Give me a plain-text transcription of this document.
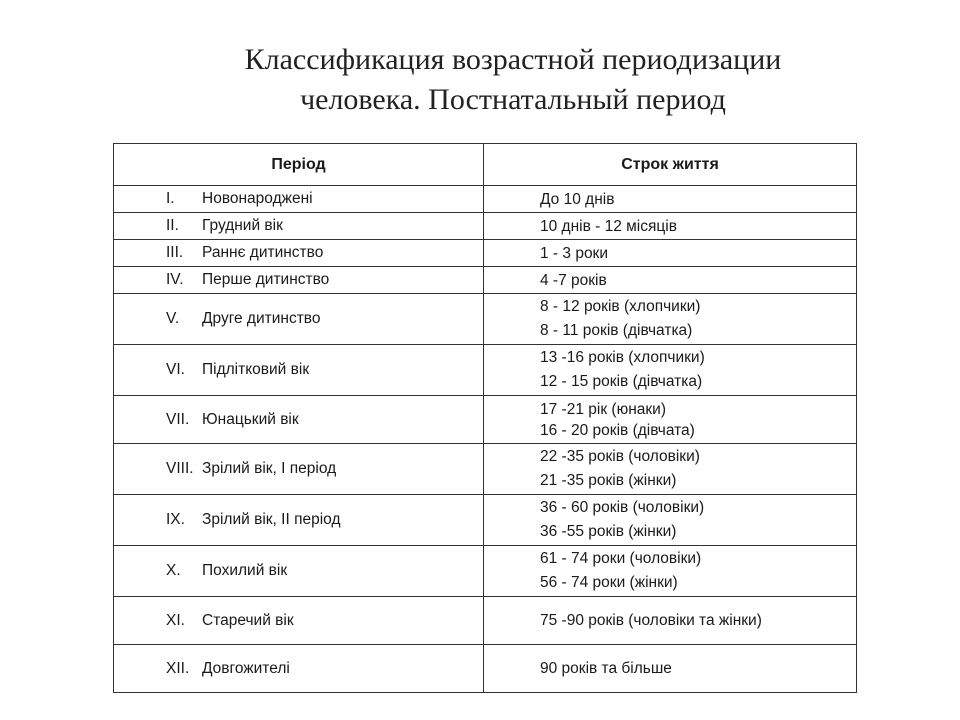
Классификация возрастной периодизации
человека. Постнатальный период
Період	Строк життя

I. Новонароджені	До 10 днів

II. Грудний вік	10 днів - 12 місяців

III. Раннє дитинство	1 - 3 роки

IV. Перше дитинство	4 -7 років

V. Друге дитинство	8 - 12 років (хлопчики)
8 - 11 років (дівчатка)

VI. Підлітковий вік	13 -16 років (хлопчики)
12 - 15 років (дівчатка)

VII. Юнацький вік	17 -21 рік (юнаки)
16 - 20 років (дівчата)

VIII. Зрілий вік, І період	22 -35 років (чоловіки)
21 -35 років (жінки)

IX. Зрілий вік, ІІ період	36 - 60 років (чоловіки)
36 -55 років (жінки)

X. Похилий вік	61 - 74 роки (чоловіки)
56 - 74 роки (жінки)

XI. Старечий вік	75 -90 років (чоловіки та жінки)

XII. Довгожителі	90 років та більше
